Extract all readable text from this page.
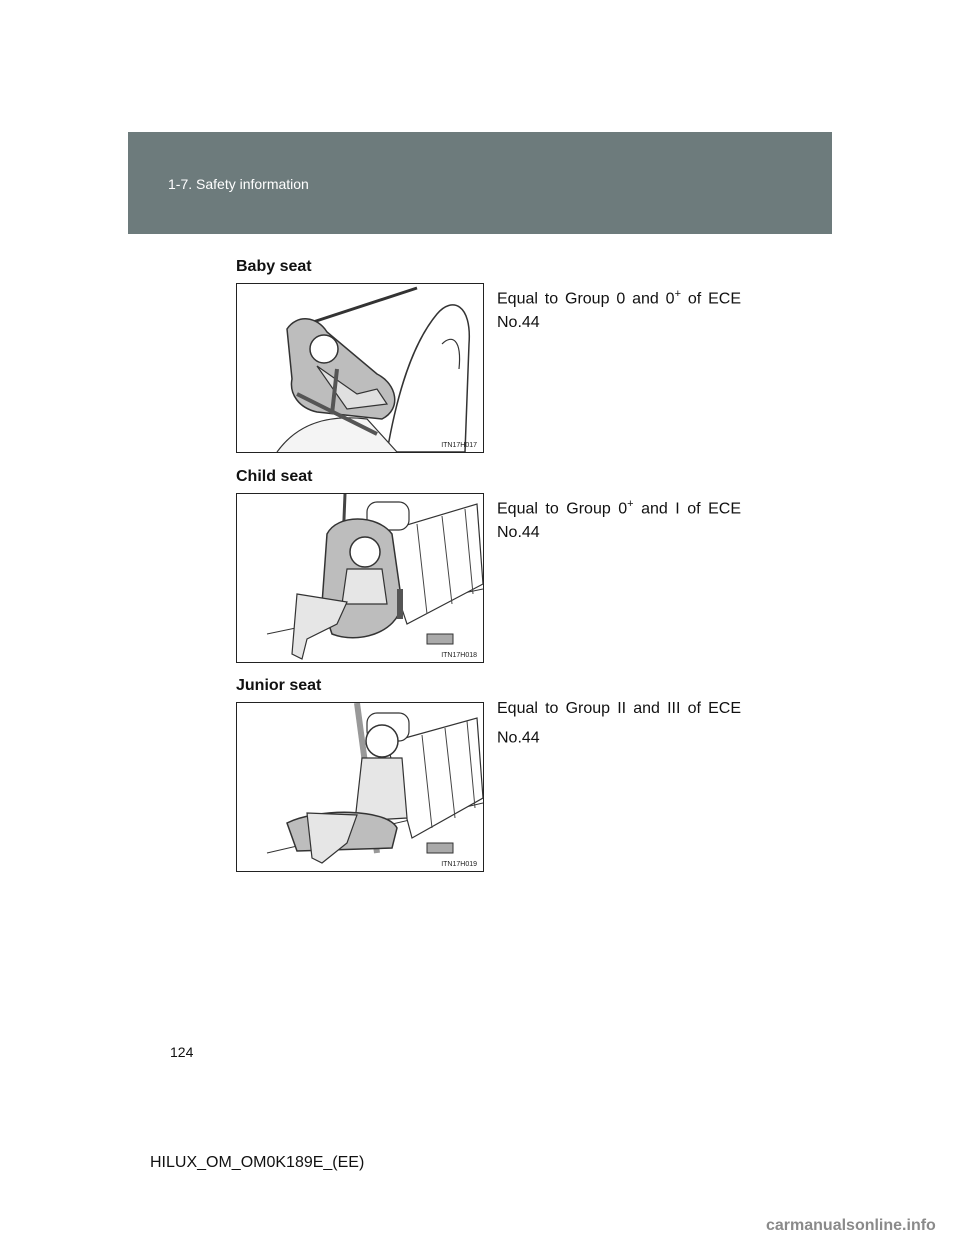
1-7. Safety information
Baby seat
ITN17H017
Equal to Group 0 and 0+ of ECE No.44
Child seat
ITN17H018
Equal to Group 0+ and I of ECE No.44
Junior seat
ITN17H019
Equal to Group II and III of ECE No.44
124
HILUX_OM_OM0K189E_(EE)
carmanualsonline.info
